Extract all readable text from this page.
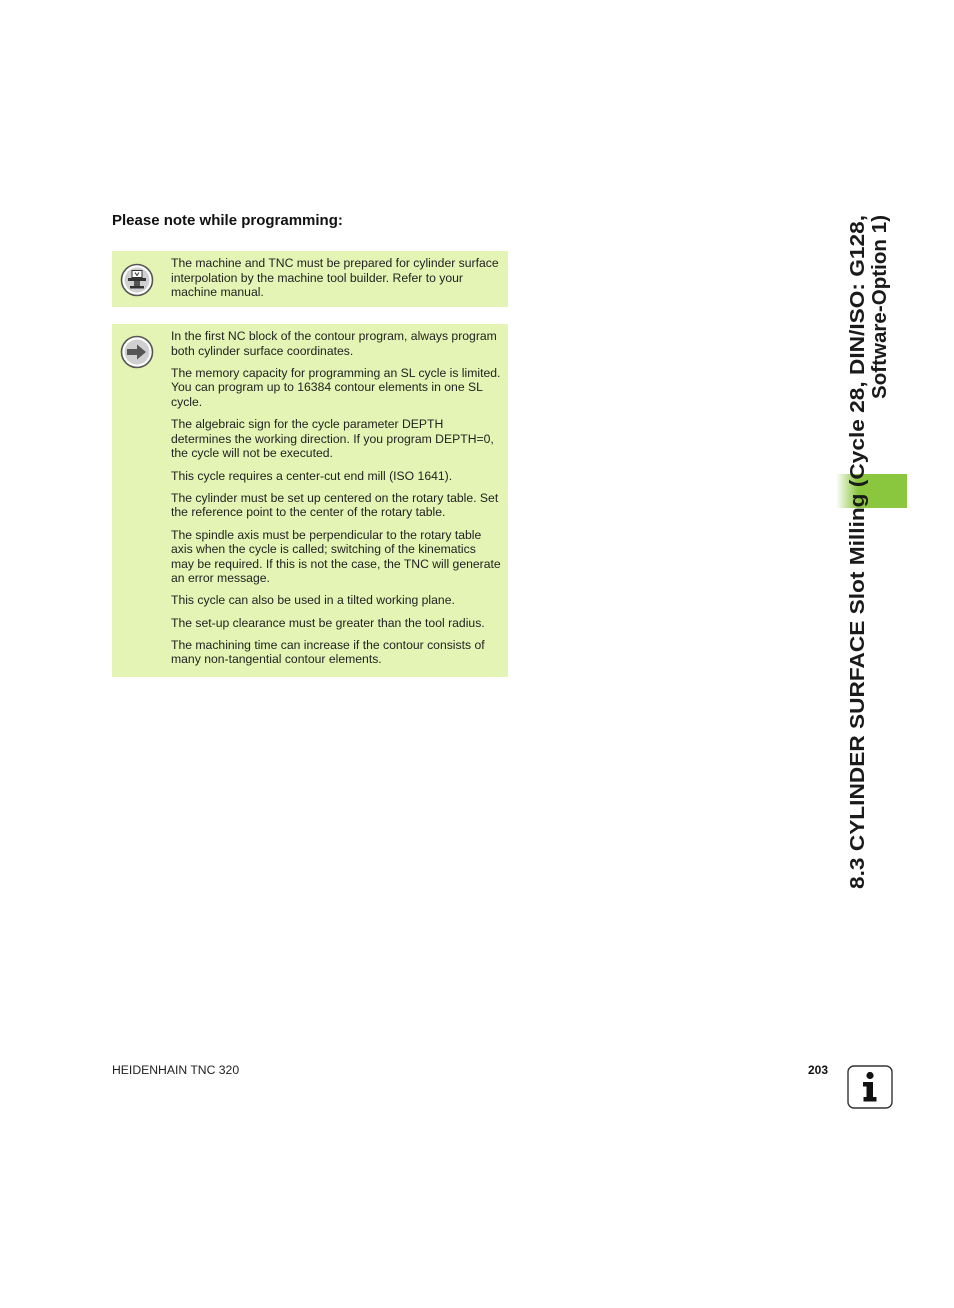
Please note while programming:

The machine and TNC must be prepared for cylinder surface interpolation by the machine tool builder. Refer to your machine manual.

In the first NC block of the contour program, always program both cylinder surface coordinates.

The memory capacity for programming an SL cycle is limited. You can program up to 16384 contour elements in one SL cycle.

The algebraic sign for the cycle parameter DEPTH determines the working direction. If you program DEPTH=0, the cycle will not be executed.

This cycle requires a center-cut end mill (ISO 1641).

The cylinder must be set up centered on the rotary table. Set the reference point to the center of the rotary table.

The spindle axis must be perpendicular to the rotary table axis when the cycle is called; switching of the kinematics may be required. If this is not the case, the TNC will generate an error message.

This cycle can also be used in a tilted working plane.

The set-up clearance must be greater than the tool radius.

The machining time can increase if the contour consists of many non-tangential contour elements.	8.3 CYLINDER SURFACE Slot Milling (Cycle 28, DIN/ISO: G128, Software-Option 1)
HEIDENHAIN TNC 320	203
